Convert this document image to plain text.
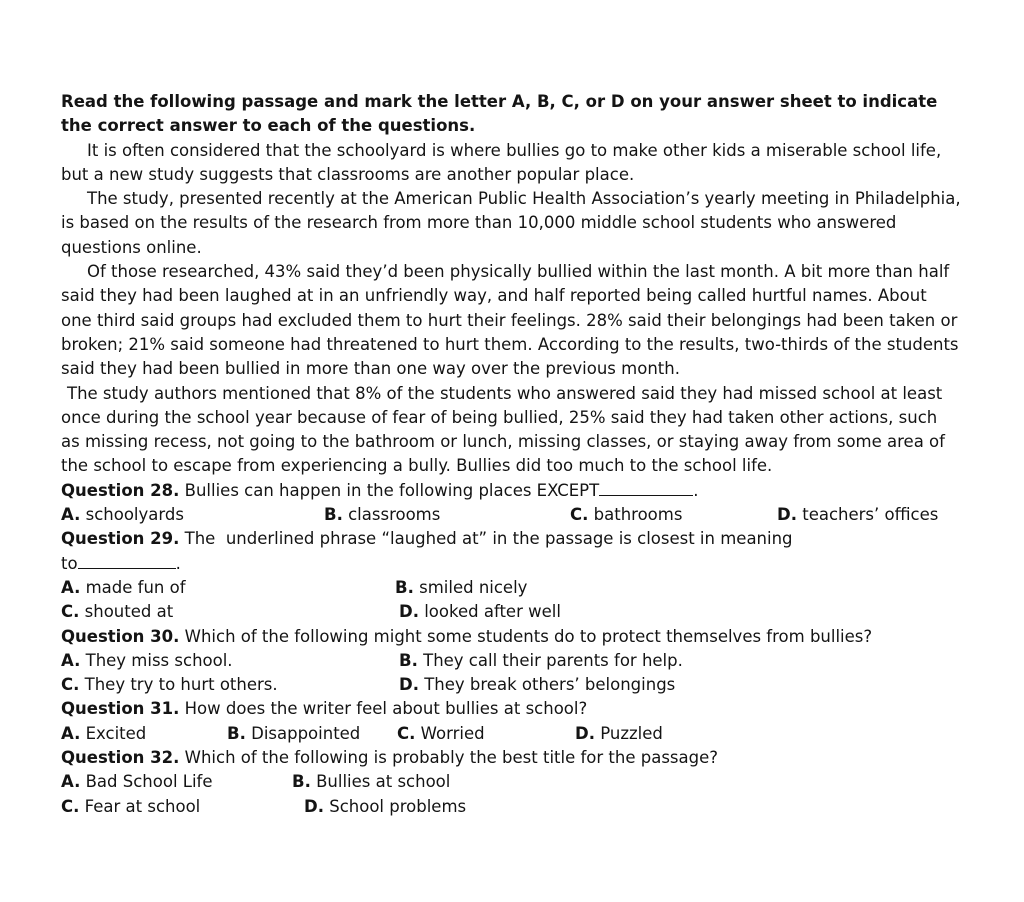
Read the following passage and mark the letter A, B, C, or D on your answer sheet to indicate the correct answer to each of the questions.

It is often considered that the schoolyard is where bullies go to make other kids a miserable school life, but a new study suggests that classrooms are another popular place.

The study, presented recently at the American Public Health Association’s yearly meeting in Philadelphia, is based on the results of the research from more than 10,000 middle school students who answered questions online.

Of those researched, 43% said they’d been physically bullied within the last month. A bit more than half said they had been laughed at in an unfriendly way, and half reported being called hurtful names. About one third said groups had excluded them to hurt their feelings. 28% said their belongings had been taken or broken; 21% said someone had threatened to hurt them. According to the results, two-thirds of the students said they had been bullied in more than one way over the previous month.

The study authors mentioned that 8% of the students who answered said they had missed school at least once during the school year because of fear of being bullied, 25% said they had taken other actions, such as missing recess, not going to the bathroom or lunch, missing classes, or staying away from some area of the school to escape from experiencing a bully. Bullies did too much to the school life.

Question 28. Bullies can happen in the following places EXCEPT	.

A. schoolyards	B. classrooms	C. bathrooms	D. teachers’ offices

Question 29. The  underlined phrase “laughed at” in the passage is closest in meaning

to	.

A. made fun of	B. smiled nicely
C. shouted at	D. looked after well

Question 30. Which of the following might some students do to protect themselves from bullies?

A. They miss school.	B. They call their parents for help.
C. They try to hurt others.	D. They break others’ belongings

Question 31. How does the writer feel about bullies at school?

A. Excited	B. Disappointed C. Worried	D. Puzzled

Question 32. Which of the following is probably the best title for the passage?

A. Bad School Life	B. Bullies at school
C. Fear at school	D. School problems
